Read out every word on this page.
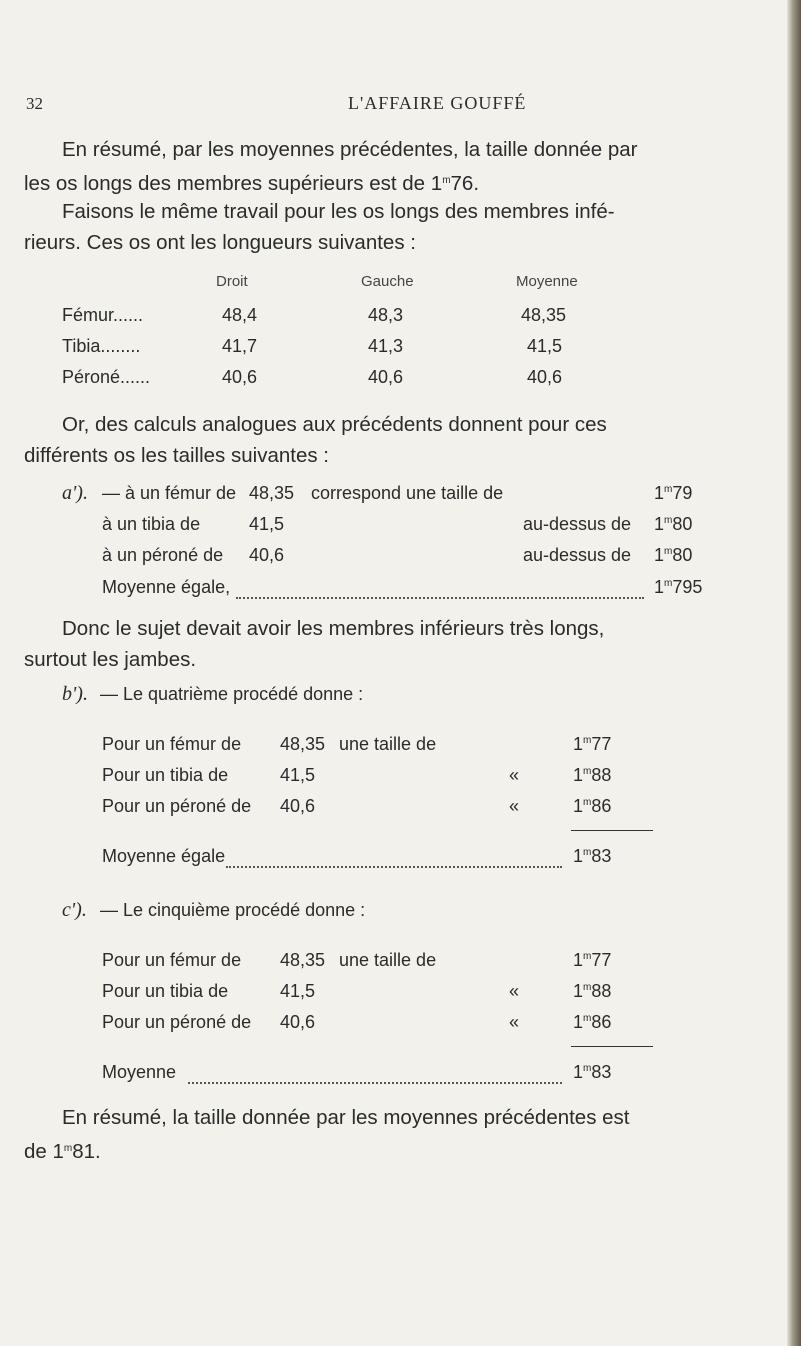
32	L'AFFAIRE GOUFFÉ
En résumé, par les moyennes précédentes, la taille donnée par
les os longs des membres supérieurs est de 1$^m$76.
Faisons le même travail pour les os longs des membres infé-
rieurs. Ces os ont les longueurs suivantes :
Droit	Gauche	Moyenne
Fémur......	48,4	48,3	48,35
Tibia........	41,7	41,3	41,5
Péroné......	40,6	40,6	40,6
Or, des calculs analogues aux précédents donnent pour ces
différents os les tailles suivantes :
a'). — à un fémur de 48,35 correspond une taille de	1$^m$79
à un tibia de	41,5	au-dessus de 1$^m$80
à un péroné de 40,6	au-dessus de 1$^m$80
Moyenne égale,	1$^m$795
Donc le sujet devait avoir les membres inférieurs très longs,
surtout les jambes.
b'). — Le quatrième procédé donne :
Pour un fémur de 48,35 une taille de	1$^m$77
Pour un tibia de	41,5	«	1$^m$88
Pour un péroné de 40,6	«	1$^m$86
Moyenne égale	1$^m$83
c'). — Le cinquième procédé donne :
Pour un fémur de 48,35 une taille de	1$^m$77
Pour un tibia de	41,5	«	1$^m$88
Pour un péroné de 40,6	«	1$^m$86
Moyenne	1$^m$83
En résumé, la taille donnée par les moyennes précédentes est
de 1$^m$81.
